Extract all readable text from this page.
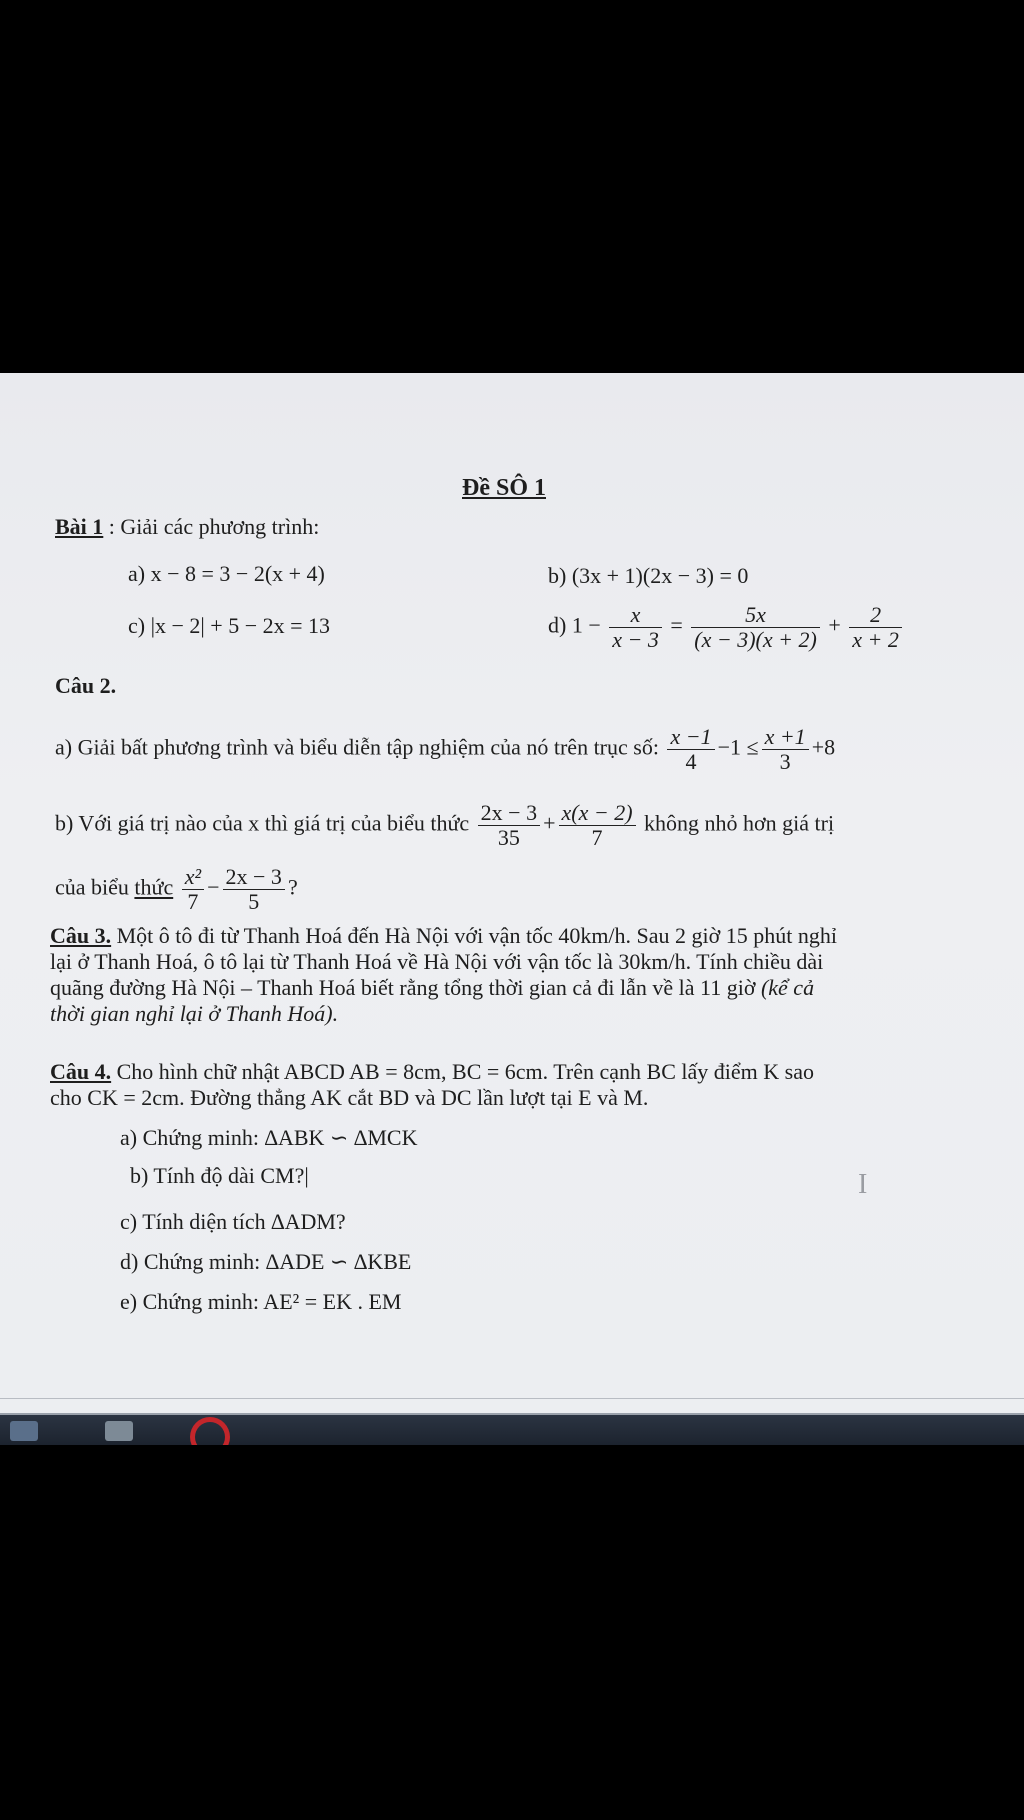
Đề SÔ 1
Bài 1 : Giải các phương trình:
a) x − 8 = 3 − 2(x + 4)	b) (3x + 1)(2x − 3) = 0
c) |x − 2| + 5 − 2x = 13	d) $1 - \frac{x}{x - 3} = \frac{5x}{(x - 3)(x + 2)} + \frac{2}{x + 2}$
Câu 2.
a) Giải bất phương trình và biểu diễn tập nghiệm của nó trên trục số: $\frac{x -1}{4} -1 \le \frac{x +1}{3} +8$
b) Với giá trị nào của x thì giá trị của biểu thức $\frac{2x - 3}{35} + \frac{x(x - 2)}{7}$ không nhỏ hơn giá trị
của biểu thức $\frac{\text{x²}}{7} - \frac{2x - 3}{5}$ ?
Câu 3. Một ô tô đi từ Thanh Hoá đến Hà Nội với vận tốc 40km/h. Sau 2 giờ 15 phút nghỉ
lại ở Thanh Hoá, ô tô lại từ Thanh Hoá về Hà Nội với vận tốc là 30km/h. Tính chiều dài
quãng đường Hà Nội – Thanh Hoá biết rằng tổng thời gian cả đi lẫn về là 11 giờ (kể cả
thời gian nghỉ lại ở Thanh Hoá).
Câu 4. Cho hình chữ nhật ABCD AB = 8cm, BC = 6cm. Trên cạnh BC lấy điểm K sao
cho CK = 2cm. Đường thẳng AK cắt BD và DC lần lượt tại E và M.
a) Chứng minh: ∆ABK ∽ ∆MCK
b) Tính độ dài CM?|
c) Tính diện tích ∆ADM?
d) Chứng minh: ∆ADE ∽ ∆KBE
e) Chứng minh: AE² = EK . EM
I
